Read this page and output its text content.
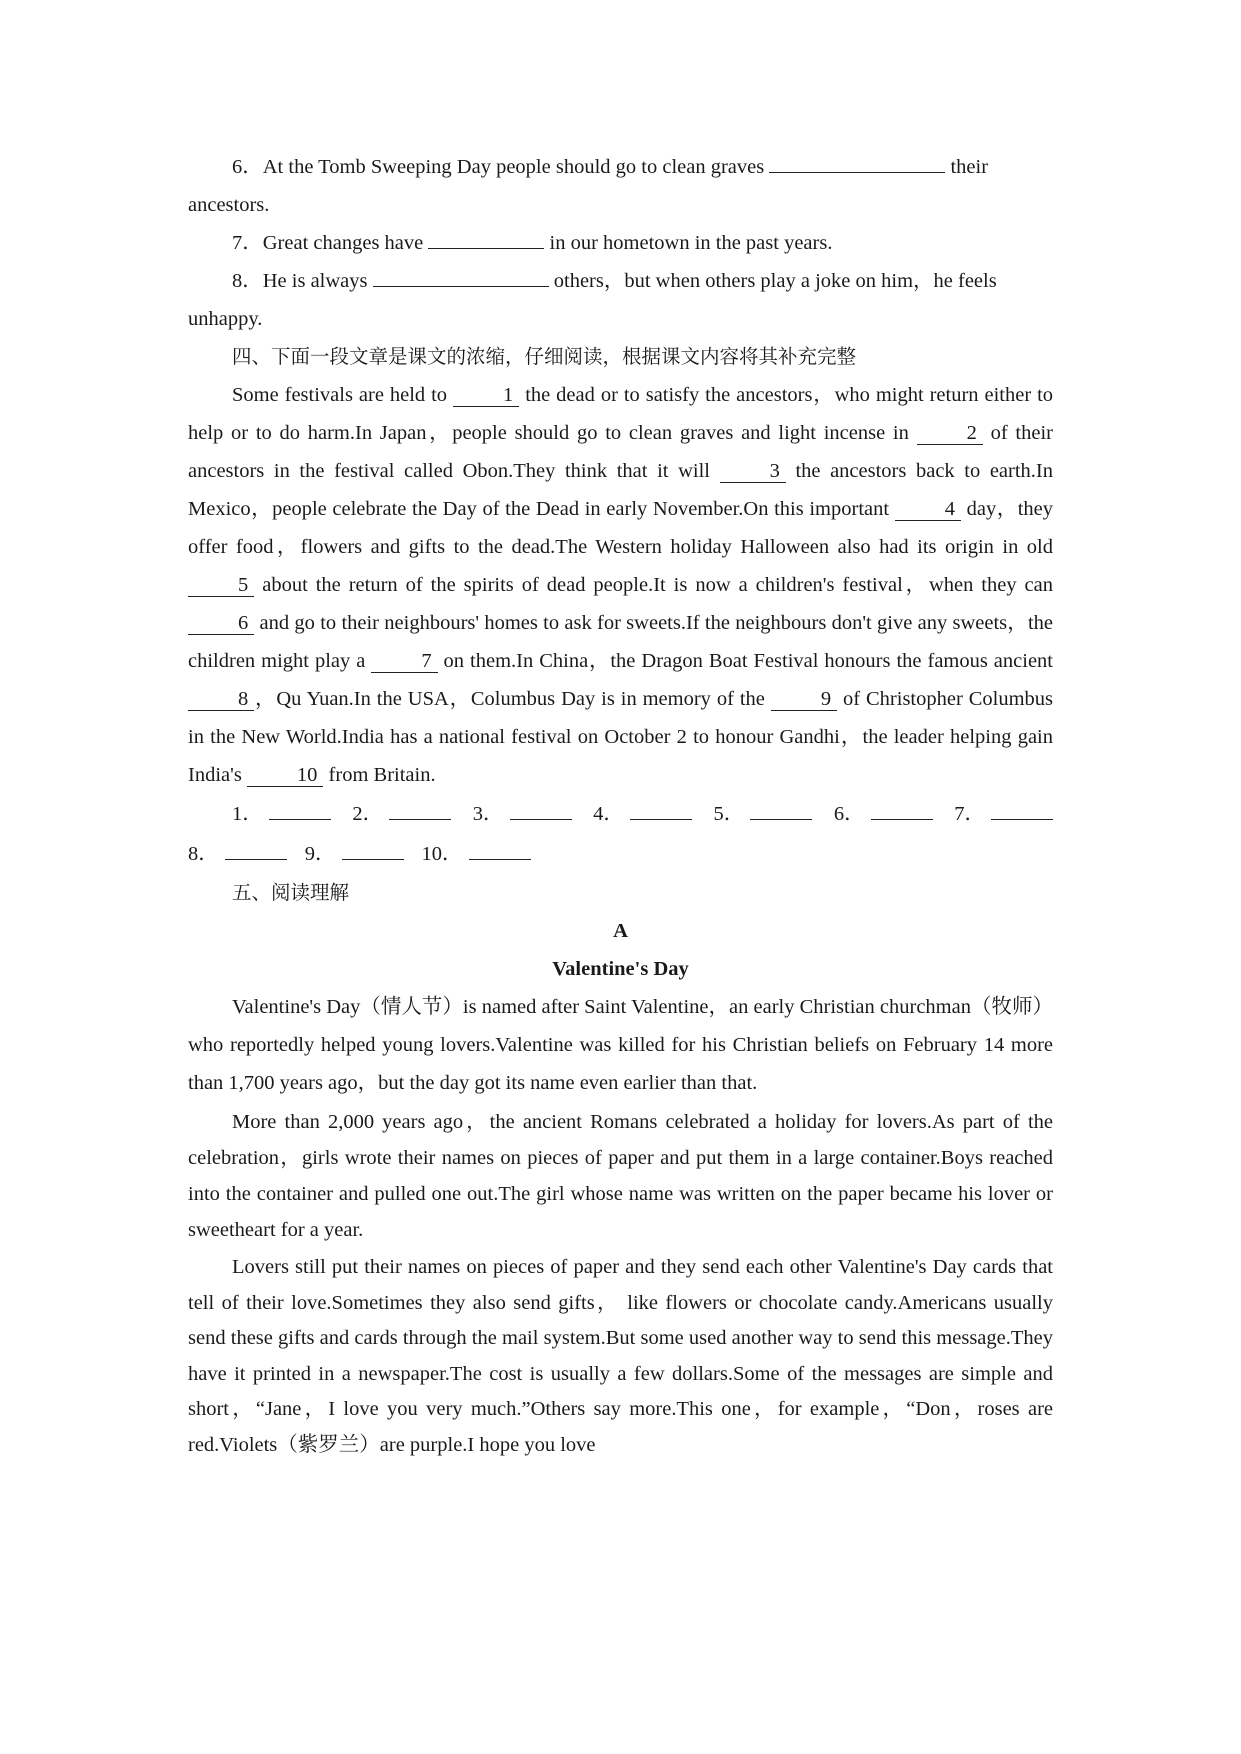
6．At the Tomb Sweeping Day people should go to clean graves	their
ancestors.

7．Great changes have	in our hometown in the past years.

8．He is always	others，but when others play a joke on him，he feels
unhappy.

四、下面一段文章是课文的浓缩，仔细阅读，根据课文内容将其补充完整

Some festivals are held to	1 the dead or to satisfy the ancestors，who might return either to help or to do harm.In Japan，people should go to clean graves and light incense in	2 of their ancestors in the festival called Obon.They think that it will	3 the ancestors back to earth.In Mexico，people celebrate the Day of the Dead in early November.On this important	4 day，they offer food，flowers and gifts to the dead.The Western holiday Halloween also had its origin in old 5 about the return of the spirits of dead people.It is now a children's festival，when they can 6 and go to their neighbours' homes to ask for sweets.If the neighbours don't give any sweets，the children might play a	7 on them.In China，the Dragon Boat Festival honours the famous ancient 8 ，Qu Yuan.In the USA，Columbus Day is in memory of the	9 of Christopher Columbus in the New World.India has a national festival on October 2 to honour Gandhi，the leader helping gain India's	10 from Britain.

1．	2．	3．	4．	5．	6．	7．
8．	9．	10．

五、阅读理解

A

Valentine's Day

Valentine's Day（情人节）is named after Saint Valentine，an early Christian churchman（牧师）who reportedly helped young lovers.Valentine was killed for his Christian beliefs on February 14 more than 1,700 years ago，but the day got its name even earlier than that.

More than 2,000 years ago，the ancient Romans celebrated a holiday for lovers.As part of the celebration，girls wrote their names on pieces of paper and put them in a large container.Boys reached into the container and pulled one out.The girl whose name was written on the paper became his lover or sweetheart for a year.

Lovers still put their names on pieces of paper and they send each other Valentine's Day cards that tell of their love.Sometimes they also send gifts， like flowers or chocolate candy.Americans usually send these gifts and cards through the mail system.But some used another way to send this message.They have it printed in a newspaper.The cost is usually a few dollars.Some of the messages are simple and short，“Jane，I love you very much.”Others say more.This one，for example，“Don，roses are red.Violets（紫罗兰）are purple.I hope you love
